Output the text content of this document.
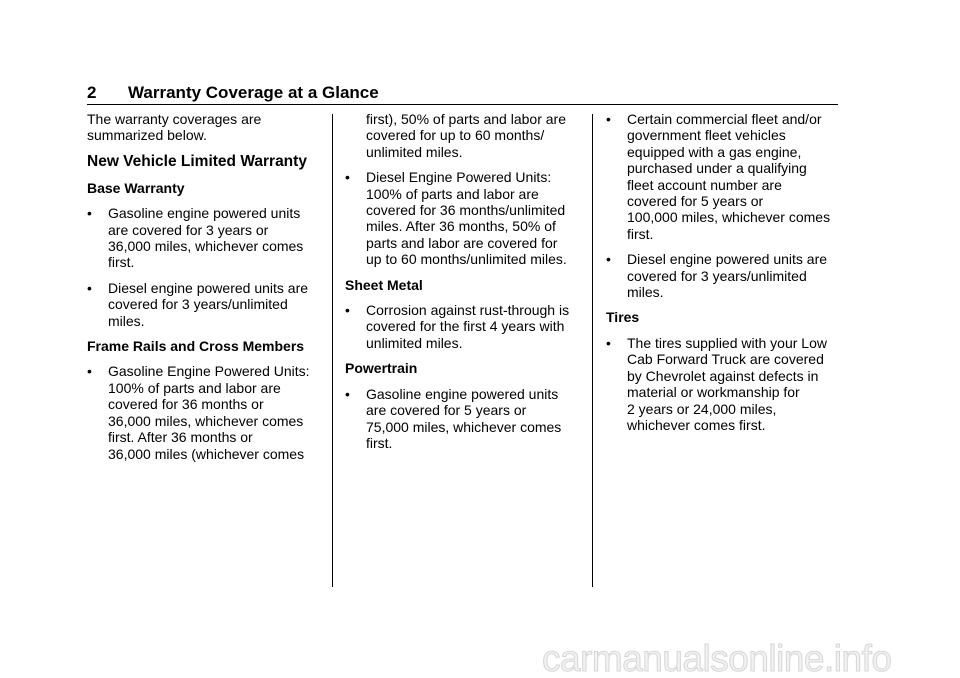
2 Warranty Coverage at a Glance

The warranty coverages are

summarized below.

New Vehicle Limited Warranty
Base Warranty
• Gasoline engine powered units

are covered for 3 years or

36,000 miles, whichever comes

first.

• Diesel engine powered units are

covered for 3 years/unlimited

miles.

Frame Rails and Cross Members
• Gasoline Engine Powered Units:

100% of parts and labor are

covered for 36 months or

36,000 miles, whichever comes

first. After 36 months or

36,000 miles (whichever comes

first), 50% of parts and labor are

covered for up to 60 months/

unlimited miles.

• Diesel Engine Powered Units:

100% of parts and labor are

covered for 36 months/unlimited

miles. After 36 months, 50% of

parts and labor are covered for

up to 60 months/unlimited miles.

Sheet Metal
• Corrosion against rust-through is

covered for the first 4 years with

unlimited miles.

Powertrain
• Gasoline engine powered units

are covered for 5 years or

75,000 miles, whichever comes

first.

• Certain commercial fleet and/or

government fleet vehicles

equipped with a gas engine,

purchased under a qualifying

fleet account number are

covered for 5 years or

100,000 miles, whichever comes

first.

• Diesel engine powered units are

covered for 3 years/unlimited

miles.

Tires
• The tires supplied with your Low

Cab Forward Truck are covered

by Chevrolet against defects in

material or workmanship for

2 years or 24,000 miles,

whichever comes first.

carmanualsonline.info
